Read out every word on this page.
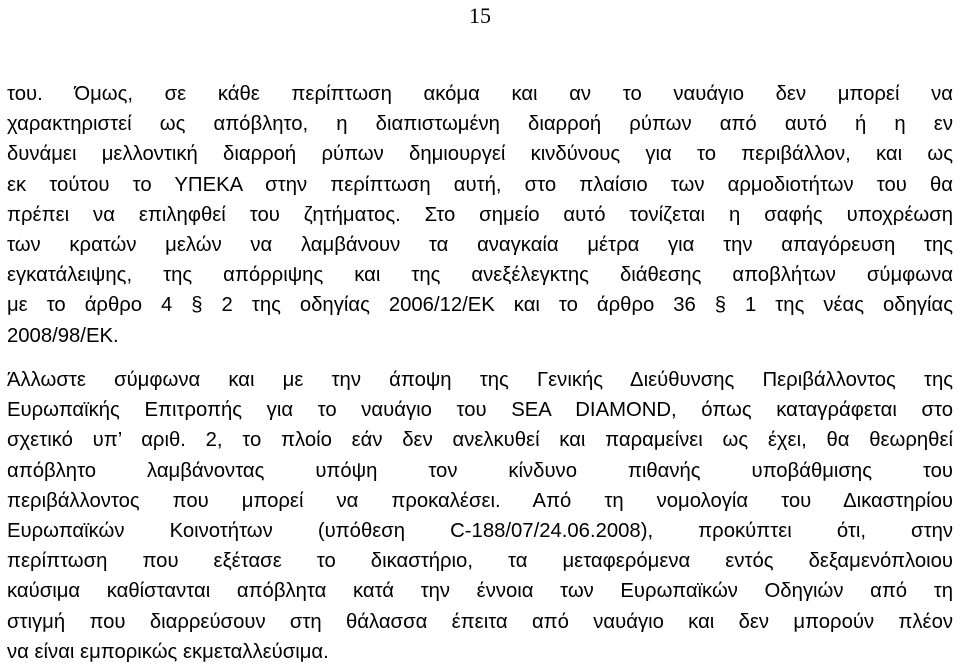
15
του. Όμως, σε κάθε περίπτωση ακόμα και αν το ναυάγιο δεν μπορεί να
χαρακτηριστεί ως απόβλητο, η διαπιστωμένη διαρροή ρύπων από αυτό ή η εν
δυνάμει μελλοντική διαρροή ρύπων δημιουργεί κινδύνους για το περιβάλλον, και ως
εκ τούτου το ΥΠΕΚΑ στην περίπτωση αυτή, στο πλαίσιο των αρμοδιοτήτων του θα
πρέπει να επιληφθεί του ζητήματος. Στο σημείο αυτό τονίζεται η σαφής υποχρέωση
των κρατών μελών να λαμβάνουν τα αναγκαία μέτρα για την απαγόρευση της
εγκατάλειψης, της απόρριψης και της ανεξέλεγκτης διάθεσης αποβλήτων σύμφωνα
με το άρθρο 4 § 2 της οδηγίας 2006/12/ΕΚ και το άρθρο 36 § 1 της νέας οδηγίας
2008/98/ΕΚ.
Άλλωστε σύμφωνα και με την άποψη της Γενικής Διεύθυνσης Περιβάλλοντος της
Ευρωπαϊκής Επιτροπής για το ναυάγιο του SEA DIAMOND, όπως καταγράφεται στο
σχετικό υπ’ αριθ. 2, το πλοίο εάν δεν ανελκυθεί και παραμείνει ως έχει, θα θεωρηθεί
απόβλητο λαμβάνοντας υπόψη τον κίνδυνο πιθανής υποβάθμισης του
περιβάλλοντος που μπορεί να προκαλέσει. Από τη νομολογία του Δικαστηρίου
Ευρωπαϊκών Κοινοτήτων (υπόθεση C-188/07/24.06.2008), προκύπτει ότι, στην
περίπτωση που εξέτασε το δικαστήριο, τα μεταφερόμενα εντός δεξαμενόπλοιου
καύσιμα καθίστανται απόβλητα κατά την έννοια των Ευρωπαϊκών Οδηγιών από τη
στιγμή που διαρρεύσουν στη θάλασσα έπειτα από ναυάγιο και δεν μπορούν πλέον
να είναι εμπορικώς εκμεταλλεύσιμα.
